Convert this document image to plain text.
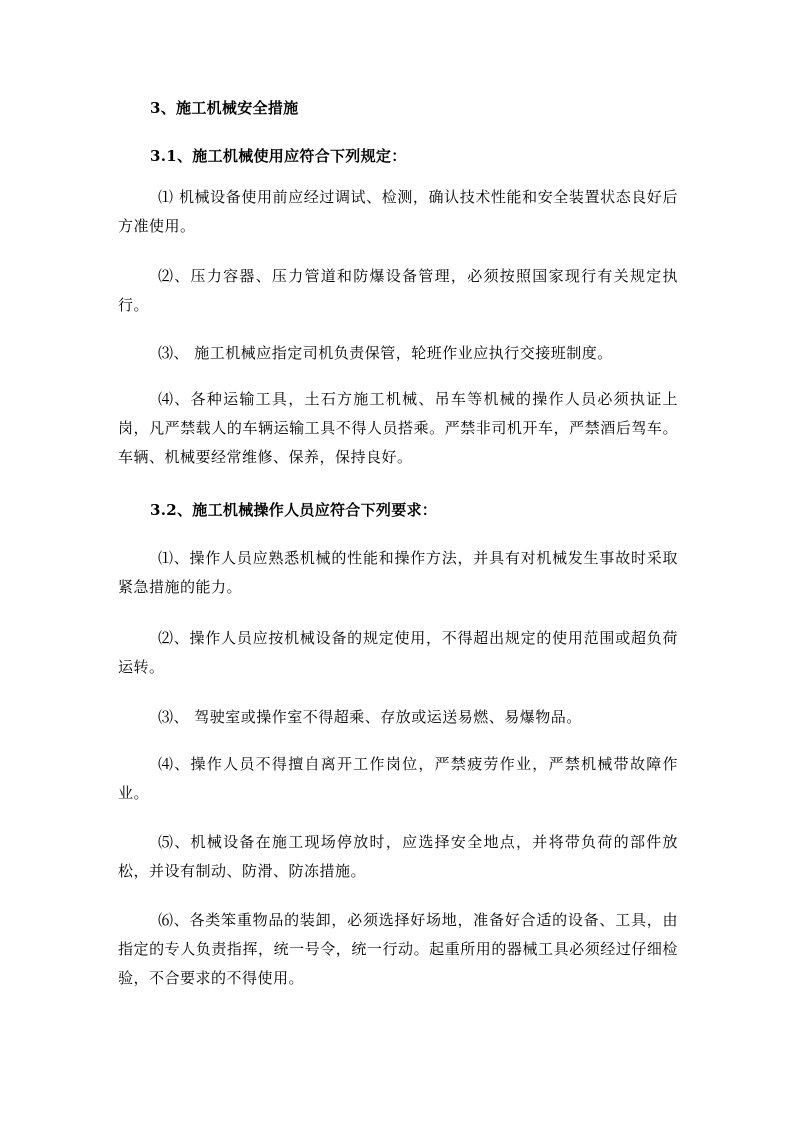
3、施工机械安全措施
3.1、施工机械使用应符合下列规定：
⑴ 机械设备使用前应经过调试、检测，确认技术性能和安全装置状态良好后方准使用。
⑵、压力容器、压力管道和防爆设备管理，必须按照国家现行有关规定执行。
⑶、 施工机械应指定司机负责保管，轮班作业应执行交接班制度。
⑷、各种运输工具，土石方施工机械、吊车等机械的操作人员必须执证上岗，凡严禁载人的车辆运输工具不得人员搭乘。严禁非司机开车，严禁酒后驾车。车辆、机械要经常维修、保养，保持良好。
3.2、施工机械操作人员应符合下列要求：
⑴、操作人员应熟悉机械的性能和操作方法，并具有对机械发生事故时采取紧急措施的能力。
⑵、操作人员应按机械设备的规定使用，不得超出规定的使用范围或超负荷运转。
⑶、 驾驶室或操作室不得超乘、存放或运送易燃、易爆物品。
⑷、操作人员不得擅自离开工作岗位，严禁疲劳作业，严禁机械带故障作业。
⑸、机械设备在施工现场停放时，应选择安全地点，并将带负荷的部件放松，并设有制动、防滑、防冻措施。
⑹、各类笨重物品的装卸，必须选择好场地，准备好合适的设备、工具，由指定的专人负责指挥，统一号令，统一行动。起重所用的器械工具必须经过仔细检验，不合要求的不得使用。
